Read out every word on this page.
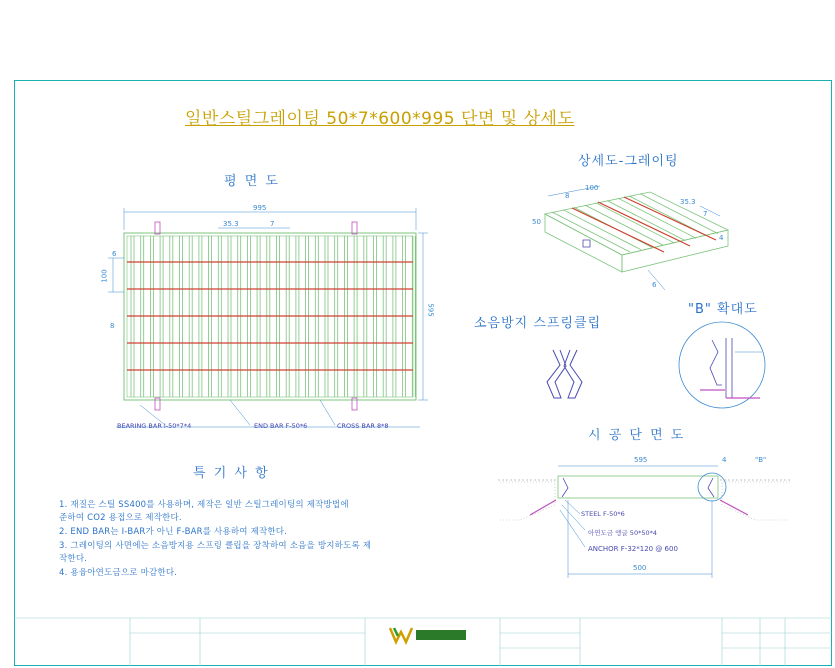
일반스틸그레이팅 50*7*600*995 단면 및 상세도
평 면 도
상세도-그레이팅
소음방지 스프링클립
"B" 확대도
시 공 단 면 도
특 기 사 항
1. 재질은 스틸 SS400를 사용하며, 제작은 일반 스틸그레이팅의 제작방법에
준하여 CO2 용접으로 제작한다.
2. END BAR는 I-BAR가 아닌 F-BAR를 사용하여 제작한다.
3. 그레이팅의 사면에는 소음방지용 스프링 클립을 장착하여 소음을 방지하도록 제
작한다.
4. 용융아연도금으로 마감한다.
995
35.3	7
595
100
6
8
BEARING BAR I-50*7*4	END BAR F-50*6	CROSS BAR 8*8
8
100
50
35.3
7
4
6
595	4	"B"
STEEL F-50*6
아연도금 앵글 50*50*4
ANCHOR F-32*120 @ 600
500
